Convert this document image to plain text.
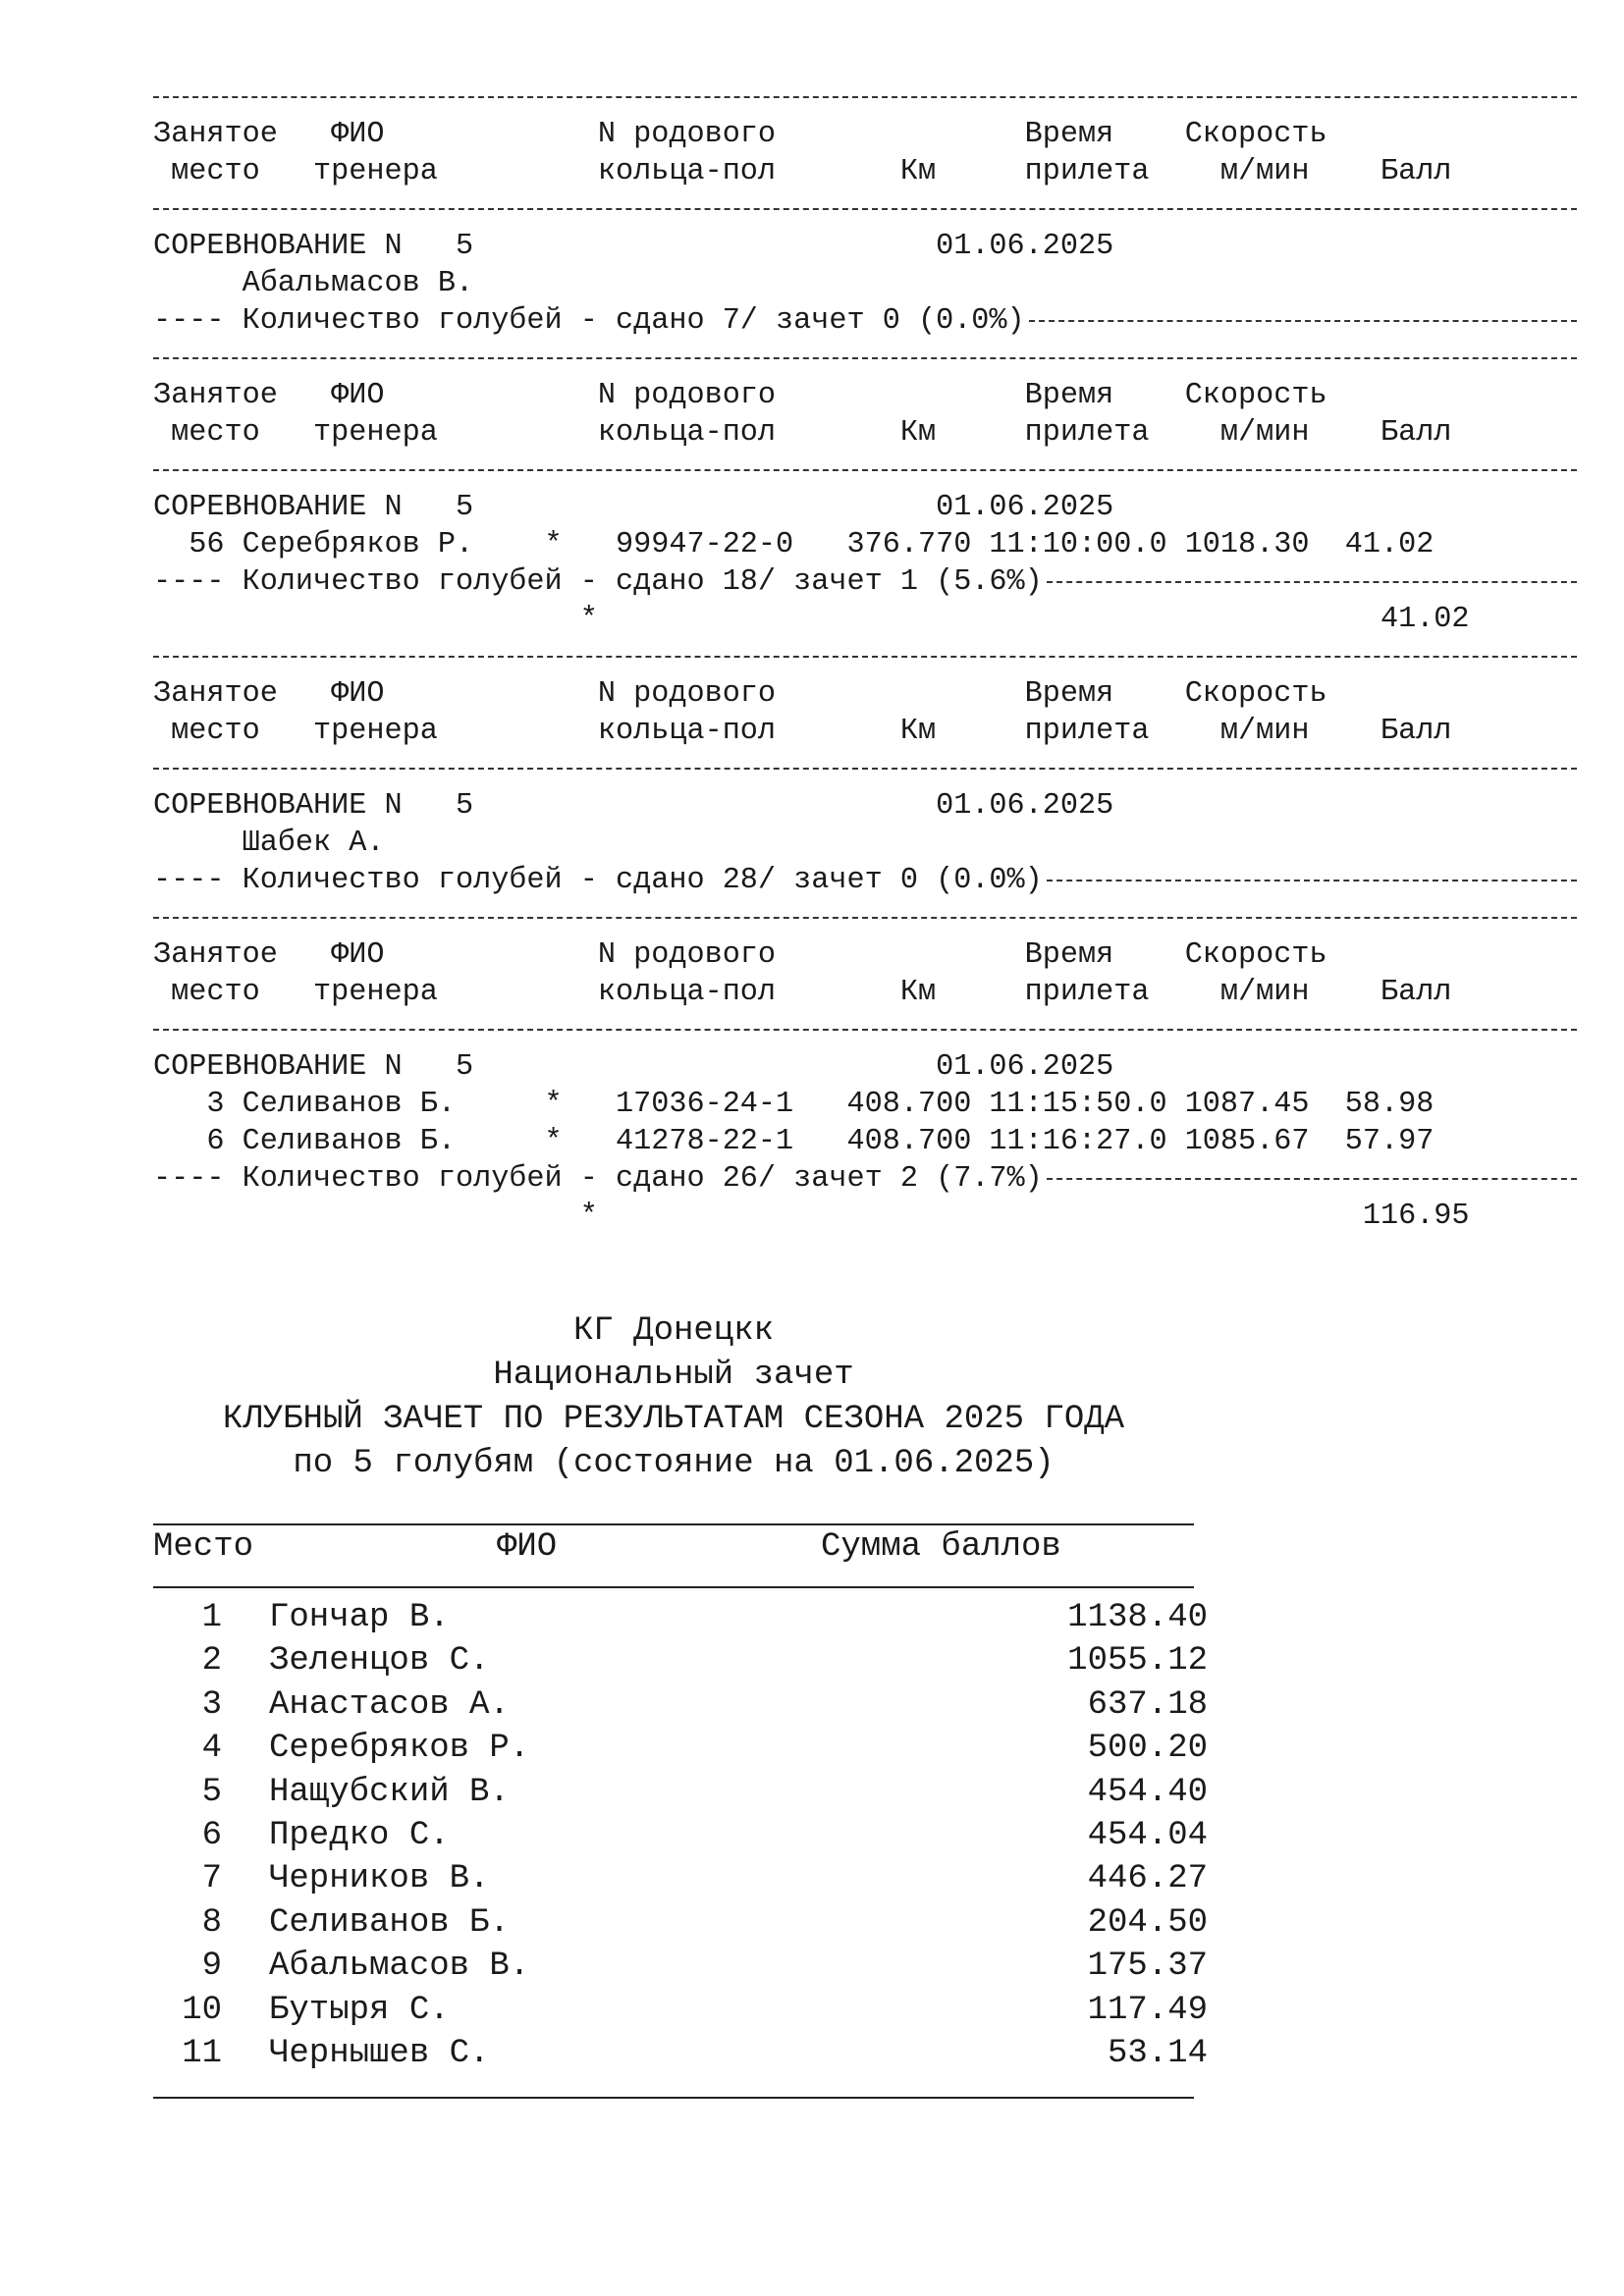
Занятое   ФИО            N родового              Время    Скорость
место   тренера         кольца-пол       Км     прилета    м/мин    Балл
СОРЕВНОВАНИЕ N   5                          01.06.2025
Абальмасов В.
---- Количество голубей - сдано 7/ зачет 0 (0.0%)
Занятое   ФИО            N родового              Время    Скорость
место   тренера         кольца-пол       Км     прилета    м/мин    Балл
СОРЕВНОВАНИЕ N   5                          01.06.2025
56 Серебряков Р.    *   99947-22-0   376.770 11:10:00.0 1018.30  41.02
---- Количество голубей - сдано 18/ зачет 1 (5.6%)
*                                            41.02
Занятое   ФИО            N родового              Время    Скорость
место   тренера         кольца-пол       Км     прилета    м/мин    Балл
СОРЕВНОВАНИЕ N   5                          01.06.2025
Шабек А.
---- Количество голубей - сдано 28/ зачет 0 (0.0%)
Занятое   ФИО            N родового              Время    Скорость
место   тренера         кольца-пол       Км     прилета    м/мин    Балл
СОРЕВНОВАНИЕ N   5                          01.06.2025
3 Селиванов Б.     *   17036-24-1   408.700 11:15:50.0 1087.45  58.98
6 Селиванов Б.     *   41278-22-1   408.700 11:16:27.0 1085.67  57.97
---- Количество голубей - сдано 26/ зачет 2 (7.7%)
*                                           116.95
КГ Донецкк
Национальный зачет
КЛУБНЫЙ ЗАЧЕТ ПО РЕЗУЛЬТАТАМ СЕЗОНА 2025 ГОДА
по 5 голубям (состояние на 01.06.2025)
Место	ФИО	Сумма баллов
1 Гончар В.	1138.40
2 Зеленцов С.	1055.12
3 Анастасов А.	637.18
4 Серебряков Р.	500.20
5 Нащубский В.	454.40
6 Предко С.	454.04
7 Черников В.	446.27
8 Селиванов Б.	204.50
9 Абальмасов В.	175.37
10 Бутыря С.	117.49
11 Чернышев С.	53.14
